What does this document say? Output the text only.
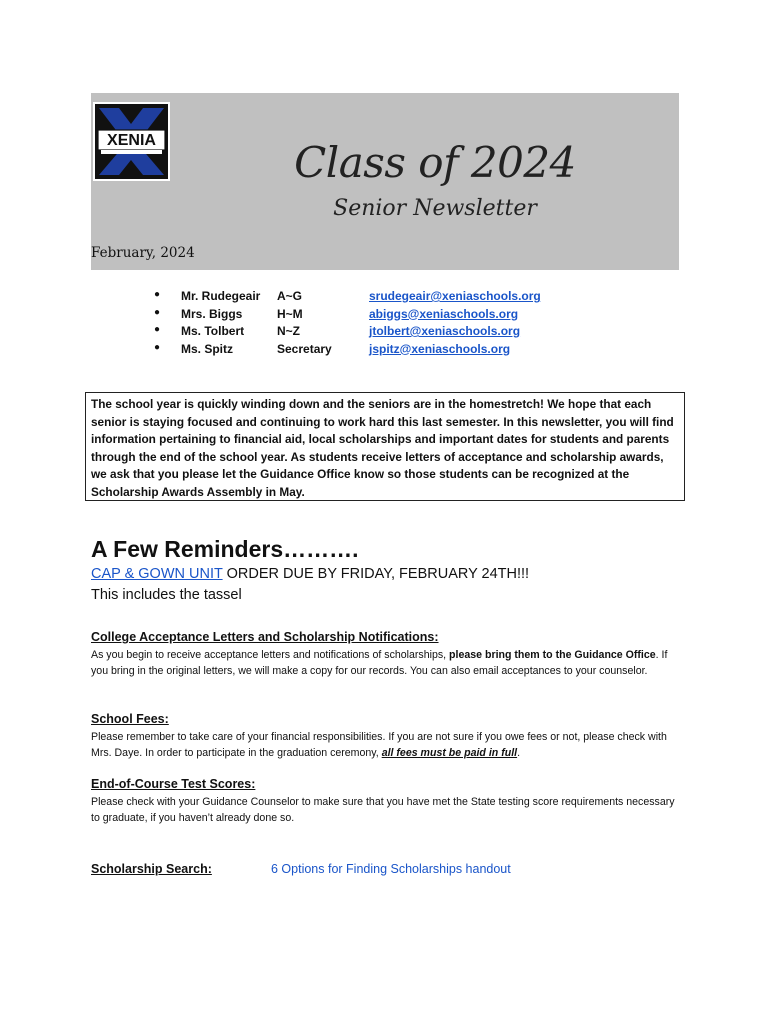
XENIA	Class of 2024
Senior Newsletter
February, 2024
● Mr. Rudegeair A~G	srudegeair@xeniaschools.org
● Mrs. Biggs	H~M	abiggs@xeniaschools.org
● Ms. Tolbert	N~Z	jtolbert@xeniaschools.org
● Ms. Spitz	Secretary	jspitz@xeniaschools.org
The school year is quickly winding down and the seniors are in the homestretch! We hope that each senior is staying focused and continuing to work hard this last semester. In this newsletter, you will find information pertaining to financial aid, local scholarships and important dates for students and parents through the end of the school year. As students receive letters of acceptance and scholarship awards, we ask that you please let the Guidance Office know so those students can be recognized at the Scholarship Awards Assembly in May.
A Few Reminders……….
CAP & GOWN UNIT ORDER DUE BY FRIDAY, FEBRUARY 24TH!!!
This includes the tassel
College Acceptance Letters and Scholarship Notifications:
As you begin to receive acceptance letters and notifications of scholarships, please bring them to the Guidance Office. If you bring in the original letters, we will make a copy for our records. You can also email acceptances to your counselor.
School Fees:
Please remember to take care of your financial responsibilities. If you are not sure if you owe fees or not, please check with Mrs. Daye. In order to participate in the graduation ceremony, all fees must be paid in full.
End-of-Course Test Scores:
Please check with your Guidance Counselor to make sure that you have met the State testing score requirements necessary to graduate, if you haven’t already done so.
Scholarship Search:	6 Options for Finding Scholarships handout
